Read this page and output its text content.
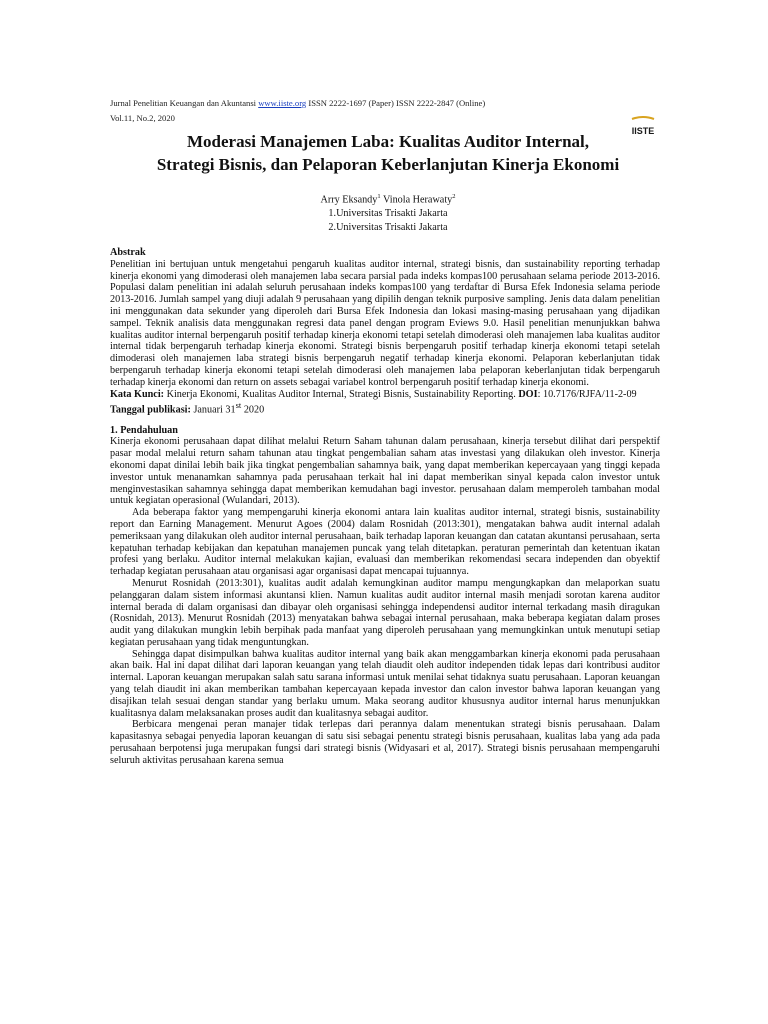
Jurnal Penelitian Keuangan dan Akuntansi www.iiste.org ISSN 2222-1697 (Paper) ISSN 2222-2847 (Online)
Vol.11, No.2, 2020
IISTE
Moderasi Manajemen Laba: Kualitas Auditor Internal,
Strategi Bisnis, dan Pelaporan Keberlanjutan Kinerja Ekonomi
Arry Eksandy$^1$ Vinola Herawaty$^2$
1.Universitas Trisakti Jakarta
2.Universitas Trisakti Jakarta

Abstrak

Penelitian ini bertujuan untuk mengetahui pengaruh kualitas auditor internal, strategi bisnis, dan sustainability reporting terhadap kinerja ekonomi yang dimoderasi oleh manajemen laba secara parsial pada indeks kompas100 perusahaan selama periode 2013-2016. Populasi dalam penelitian ini adalah seluruh perusahaan indeks kompas100 yang terdaftar di Bursa Efek Indonesia selama periode 2013-2016. Jumlah sampel yang diuji adalah 9 perusahaan yang dipilih dengan teknik purposive sampling. Jenis data dalam penelitian ini menggunakan data sekunder yang diperoleh dari Bursa Efek Indonesia dan lokasi masing-masing perusahaan yang dijadikan sampel. Teknik analisis data menggunakan regresi data panel dengan program Eviews 9.0. Hasil penelitian menunjukkan bahwa kualitas auditor internal berpengaruh positif terhadap kinerja ekonomi tetapi setelah dimoderasi oleh manajemen laba kualitas auditor internal tidak berpengaruh terhadap kinerja ekonomi. Strategi bisnis berpengaruh positif terhadap kinerja ekonomi tetapi setelah dimoderasi oleh manajemen laba strategi bisnis berpengaruh negatif terhadap kinerja ekonomi. Pelaporan keberlanjutan tidak berpengaruh terhadap kinerja ekonomi tetapi setelah dimoderasi oleh manajemen laba pelaporan keberlanjutan tidak berpengaruh terhadap kinerja ekonomi dan return on assets sebagai variabel kontrol berpengaruh positif terhadap kinerja ekonomi.

Kata Kunci: Kinerja Ekonomi, Kualitas Auditor Internal, Strategi Bisnis, Sustainability Reporting. DOI: 10.7176/RJFA/11-2-09

Tanggal publikasi: Januari 31st 2020

1. Pendahuluan

Kinerja ekonomi perusahaan dapat dilihat melalui Return Saham tahunan dalam perusahaan, kinerja tersebut dilihat dari perspektif pasar modal melalui return saham tahunan atau tingkat pengembalian saham atas investasi yang dilakukan oleh investor. Kinerja ekonomi dapat dinilai lebih baik jika tingkat pengembalian sahamnya baik, yang dapat memberikan kepercayaan yang tinggi kepada investor untuk menanamkan sahamnya pada perusahaan terkait hal ini dapat memberikan sinyal kepada calon investor untuk menginvestasikan sahamnya sehingga dapat memberikan kemudahan bagi investor. perusahaan dalam memperoleh tambahan modal untuk kegiatan operasional (Wulandari, 2013).

Ada beberapa faktor yang mempengaruhi kinerja ekonomi antara lain kualitas auditor internal, strategi bisnis, sustainability report dan Earning Management. Menurut Agoes (2004) dalam Rosnidah (2013:301), mengatakan bahwa audit internal adalah pemeriksaan yang dilakukan oleh auditor internal perusahaan, baik terhadap laporan keuangan dan catatan akuntansi perusahaan, serta kepatuhan terhadap kebijakan dan kepatuhan manajemen puncak yang telah ditetapkan. peraturan pemerintah dan ketentuan ikatan profesi yang berlaku. Auditor internal melakukan kajian, evaluasi dan memberikan rekomendasi secara independen dan obyektif terhadap kegiatan perusahaan atau organisasi agar organisasi dapat mencapai tujuannya.

Menurut Rosnidah (2013:301), kualitas audit adalah kemungkinan auditor mampu mengungkapkan dan melaporkan suatu pelanggaran dalam sistem informasi akuntansi klien. Namun kualitas audit auditor internal masih menjadi sorotan karena auditor internal berada di dalam organisasi dan dibayar oleh organisasi sehingga independensi auditor internal terkadang masih diragukan (Rosnidah, 2013). Menurut Rosnidah (2013) menyatakan bahwa sebagai internal perusahaan, maka beberapa kegiatan dalam proses audit yang dilakukan mungkin lebih berpihak pada manfaat yang diperoleh perusahaan yang memungkinkan untuk menutupi setiap kegiatan perusahaan yang tidak menguntungkan.

Sehingga dapat disimpulkan bahwa kualitas auditor internal yang baik akan menggambarkan kinerja ekonomi pada perusahaan akan baik. Hal ini dapat dilihat dari laporan keuangan yang telah diaudit oleh auditor independen tidak lepas dari kontribusi auditor internal. Laporan keuangan merupakan salah satu sarana informasi untuk menilai sehat tidaknya suatu perusahaan. Laporan keuangan yang telah diaudit ini akan memberikan tambahan kepercayaan kepada investor dan calon investor bahwa laporan keuangan yang disajikan telah sesuai dengan standar yang berlaku umum. Maka seorang auditor khususnya auditor internal harus menunjukkan kualitasnya dalam melaksanakan proses audit dan kualitasnya sebagai auditor.

Berbicara mengenai peran manajer tidak terlepas dari perannya dalam menentukan strategi bisnis perusahaan. Dalam kapasitasnya sebagai penyedia laporan keuangan di satu sisi sebagai penentu strategi bisnis perusahaan, kualitas laba yang ada pada perusahaan berpotensi juga merupakan fungsi dari strategi bisnis (Widyasari et al, 2017). Strategi bisnis perusahaan mempengaruhi seluruh aktivitas perusahaan karena semua
